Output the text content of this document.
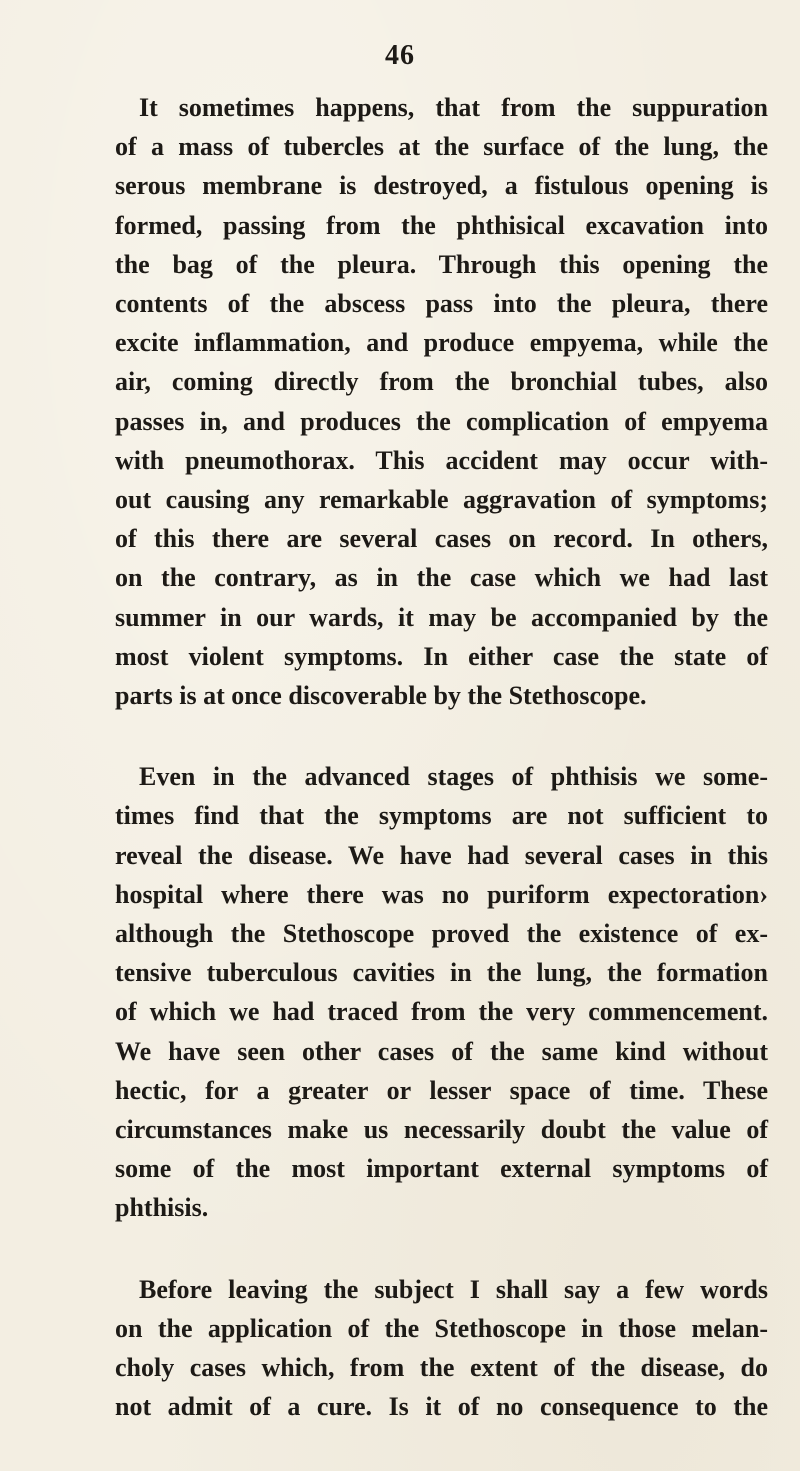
46

It sometimes happens, that from the suppuration
of a mass of tubercles at the surface of the lung, the
serous membrane is destroyed, a fistulous opening is
formed, passing from the phthisical excavation into
the bag of the pleura. Through this opening the
contents of the abscess pass into the pleura, there
excite inflammation, and produce empyema, while the
air, coming directly from the bronchial tubes, also
passes in, and produces the complication of empyema
with pneumothorax. This accident may occur with-
out causing any remarkable aggravation of symptoms;
of this there are several cases on record. In others,
on the contrary, as in the case which we had last
summer in our wards, it may be accompanied by the
most violent symptoms. In either case the state of
parts is at once discoverable by the Stethoscope.
Even in the advanced stages of phthisis we some-
times find that the symptoms are not sufficient to
reveal the disease. We have had several cases in this
hospital where there was no puriform expectoration›
although the Stethoscope proved the existence of ex-
tensive tuberculous cavities in the lung, the formation
of which we had traced from the very commencement.
We have seen other cases of the same kind without
hectic, for a greater or lesser space of time. These
circumstances make us necessarily doubt the value of
some of the most important external symptoms of
phthisis.
Before leaving the subject I shall say a few words
on the application of the Stethoscope in those melan-
choly cases which, from the extent of the disease, do
not admit of a cure. Is it of no consequence to the
